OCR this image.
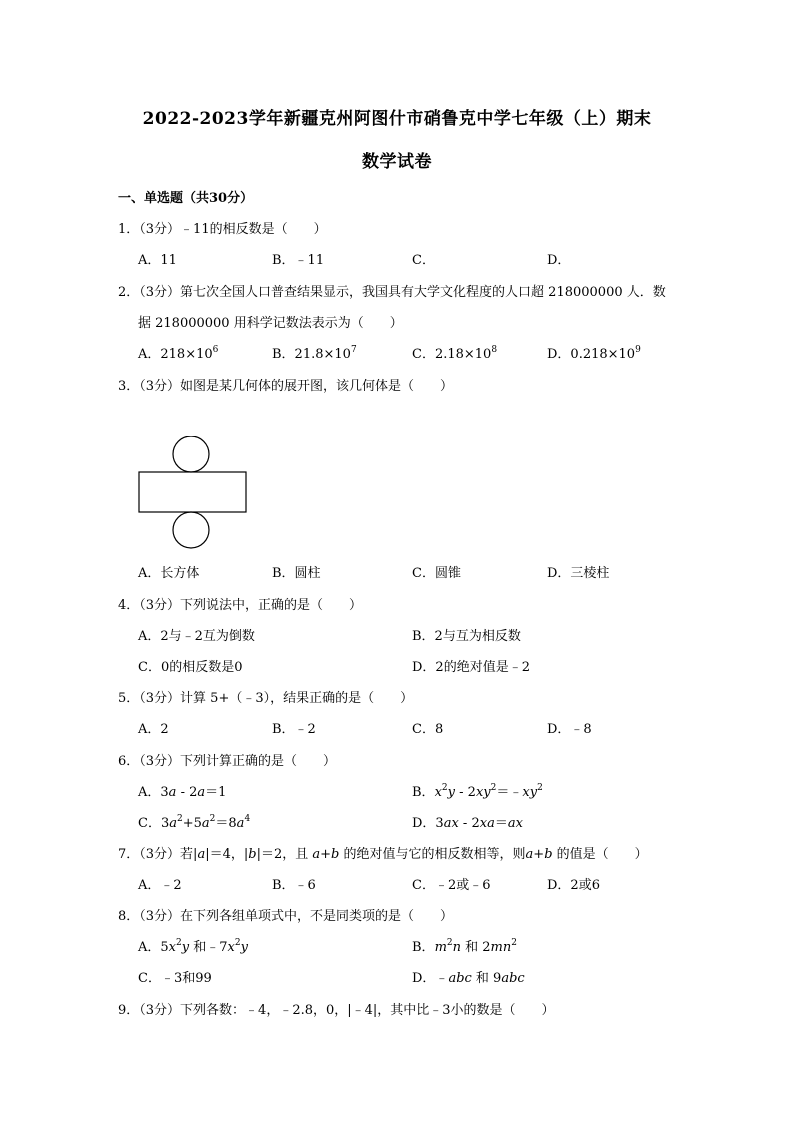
2022-2023学年新疆克州阿图什市硝鲁克中学七年级（上）期末
数学试卷
一、单选题（共30分）
1．（3分）﹣11的相反数是（　　）
A．11	B．﹣11	C．	D．
2．（3分）第七次全国人口普查结果显示，我国具有大学文化程度的人口超 218000000 人．数
据 218000000 用科学记数法表示为（　　）
A．$218\times 10^6$	B．$21.8\times 10^7$	C．$2.18\times 10^8$	D．$0.218\times 10^9$
3．（3分）如图是某几何体的展开图，该几何体是（　　）
A．长方体	B．圆柱	C．圆锥	D．三棱柱
4．（3分）下列说法中，正确的是（　　）
A．2与﹣2互为倒数	B．2与互为相反数
C．0的相反数是0	D．2的绝对值是﹣2
5．（3分）计算 5+（﹣3），结果正确的是（　　）
A．2	B．﹣2	C．8	D．﹣8
6．（3分）下列计算正确的是（　　）
A．3a - 2a＝1	B．$x^2y$ - $2xy^2=﹣xy^2$
C．$3a^2+5a^2=8a^4$	D．3ax - 2xa＝ax
7．（3分）若|a|＝4，|b|＝2，且 a+b 的绝对值与它的相反数相等，则a+b 的值是（　　）
A．﹣2	B．﹣6	C．﹣2或﹣6	D．2或6
8．（3分）在下列各组单项式中，不是同类项的是（　　）
A．$5x^2y$ 和$﹣7x^2y$	B．$m^2n$ 和 $2mn^2$
C．﹣3和99	D．﹣abc 和 9abc
9．（3分）下列各数：﹣4，﹣2.8，0，|﹣4|，其中比﹣3小的数是（　　）
